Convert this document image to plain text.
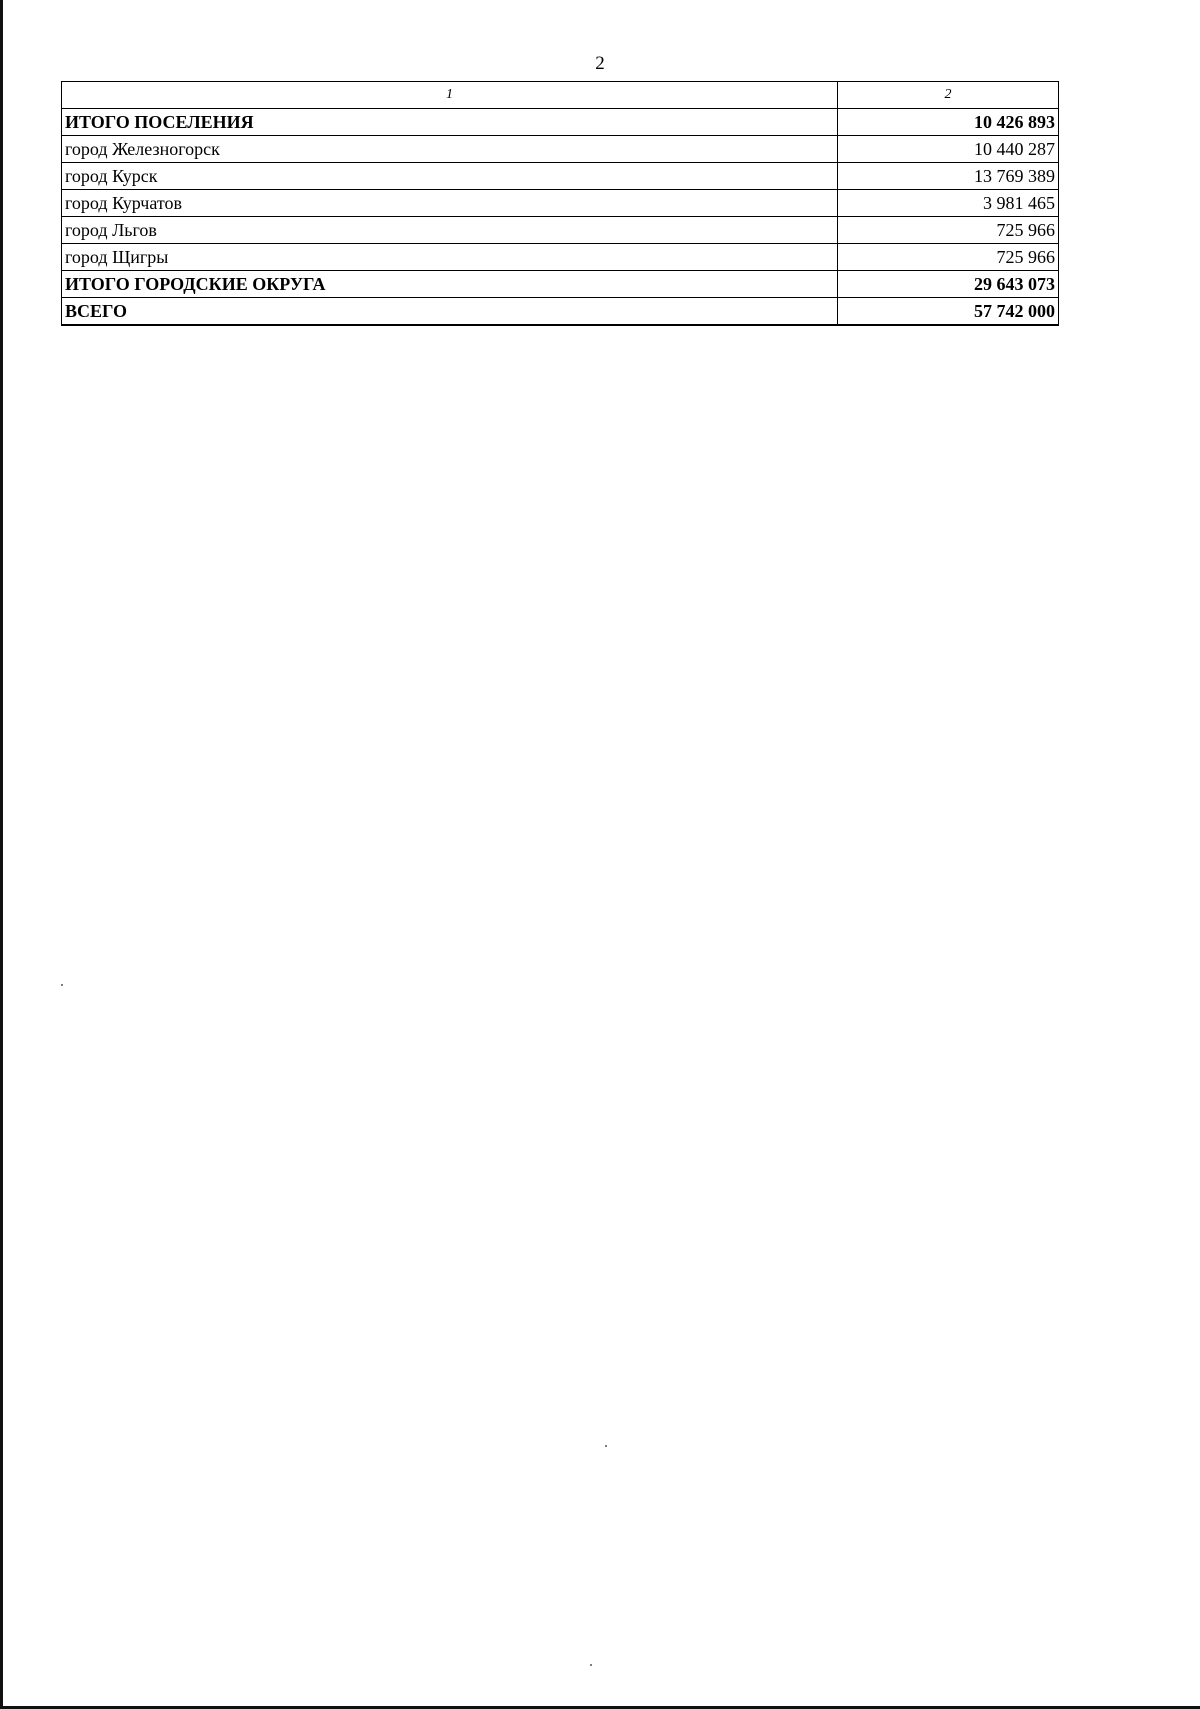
2
1	2
ИТОГО ПОСЕЛЕНИЯ	10 426 893
город Железногорск	10 440 287
город Курск	13 769 389
город Курчатов	3 981 465
город Льгов	725 966
город Щигры	725 966
ИТОГО ГОРОДСКИЕ ОКРУГА	29 643 073
ВСЕГО	57 742 000
